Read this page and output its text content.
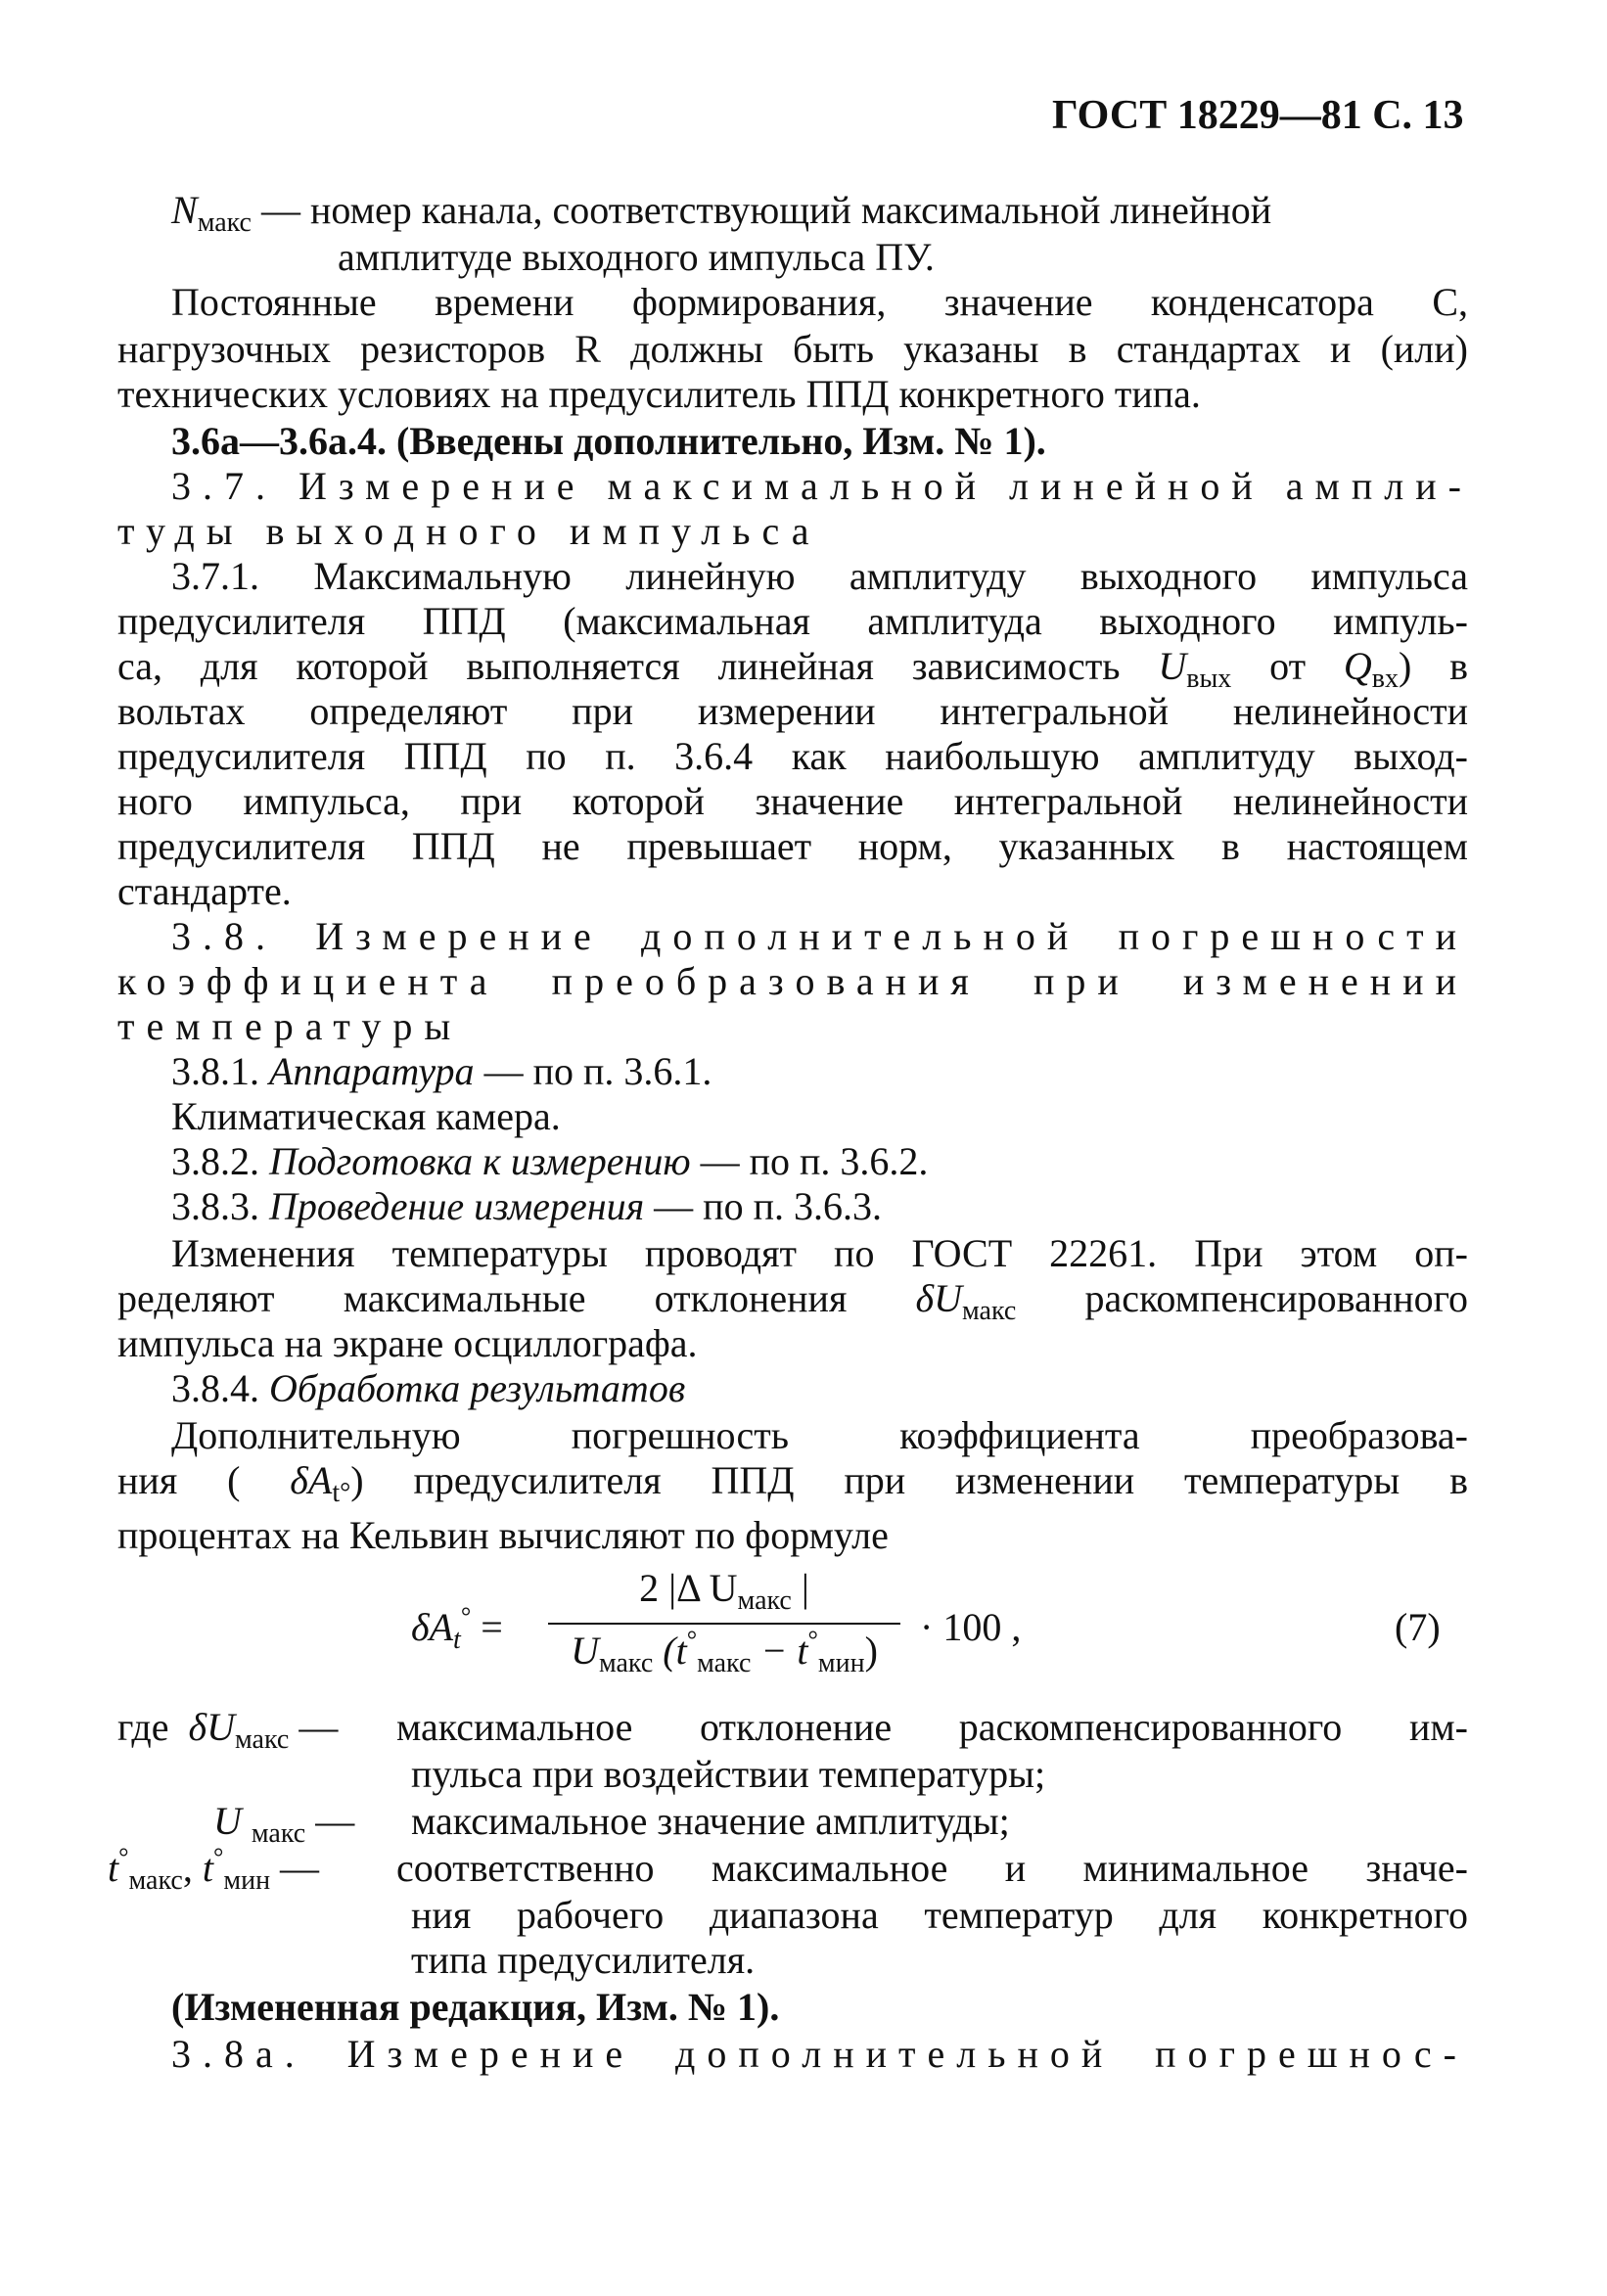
ГОСТ 18229—81 С. 13
$N_{макс}$ — номер канала, соответствующий максимальной линейной
амплитуде выходного импульса ПУ.
Постоянные времени формирования, значение конденсатора C,
нагрузочных резисторов R должны быть указаны в стандартах и (или)
технических условиях на предусилитель ППД конкретного типа.
3.6а—3.6а.4. (Введены дополнительно, Изм. № 1).
3.7. Измерение максимальной линейной ампли-
туды выходного импульса
3.7.1. Максимальную линейную амплитуду выходного импульса
предусилителя ППД (максимальная амплитуда выходного импуль-
са, для которой выполняется линейная зависимость $U_{вых}$ от $Q_{вх}$) в
вольтах определяют при измерении интегральной нелинейности
предусилителя ППД по п. 3.6.4 как наибольшую амплитуду выход-
ного импульса, при которой значение интегральной нелинейности
предусилителя ППД не превышает норм, указанных в настоящем
стандарте.
3.8. Измерение дополнительной погрешности
коэффициента преобразования при изменении
температуры
3.8.1. Аппаратура — по п. 3.6.1.
Климатическая камера.
3.8.2. Подготовка к измерению — по п. 3.6.2.
3.8.3. Проведение измерения — по п. 3.6.3.
Изменения температуры проводят по ГОСТ 22261. При этом оп-
ределяют максимальные отклонения $\delta U_{макс}$ раскомпенсированного
импульса на экране осциллографа.
3.8.4. Обработка результатов
Дополнительную погрешность коэффициента преобразова-
ния ( $\delta A_{t^\circ}$) предусилителя ППД при изменении температуры в
процентах на Кельвин вычисляют по формуле
$\delta A_t^\circ$ =
2 |Δ $U_{макс}$ |
$U_{макс}$ $(t^\circ_{макс} - t^\circ_{мин})$
· 100 ,	(7)
где $\delta U_{макс}$ — максимальное отклонение раскомпенсированного им-
пульса при воздействии температуры;
U $_{макс}$ — максимальное значение амплитуды;
$t^\circ_{макс}$, $t^\circ_{мин}$ — соответственно максимальное и минимальное значе-
ния рабочего диапазона температур для конкретного
типа предусилителя.
(Измененная редакция, Изм. № 1).
3.8а. Измерение дополнительной погрешнос-
